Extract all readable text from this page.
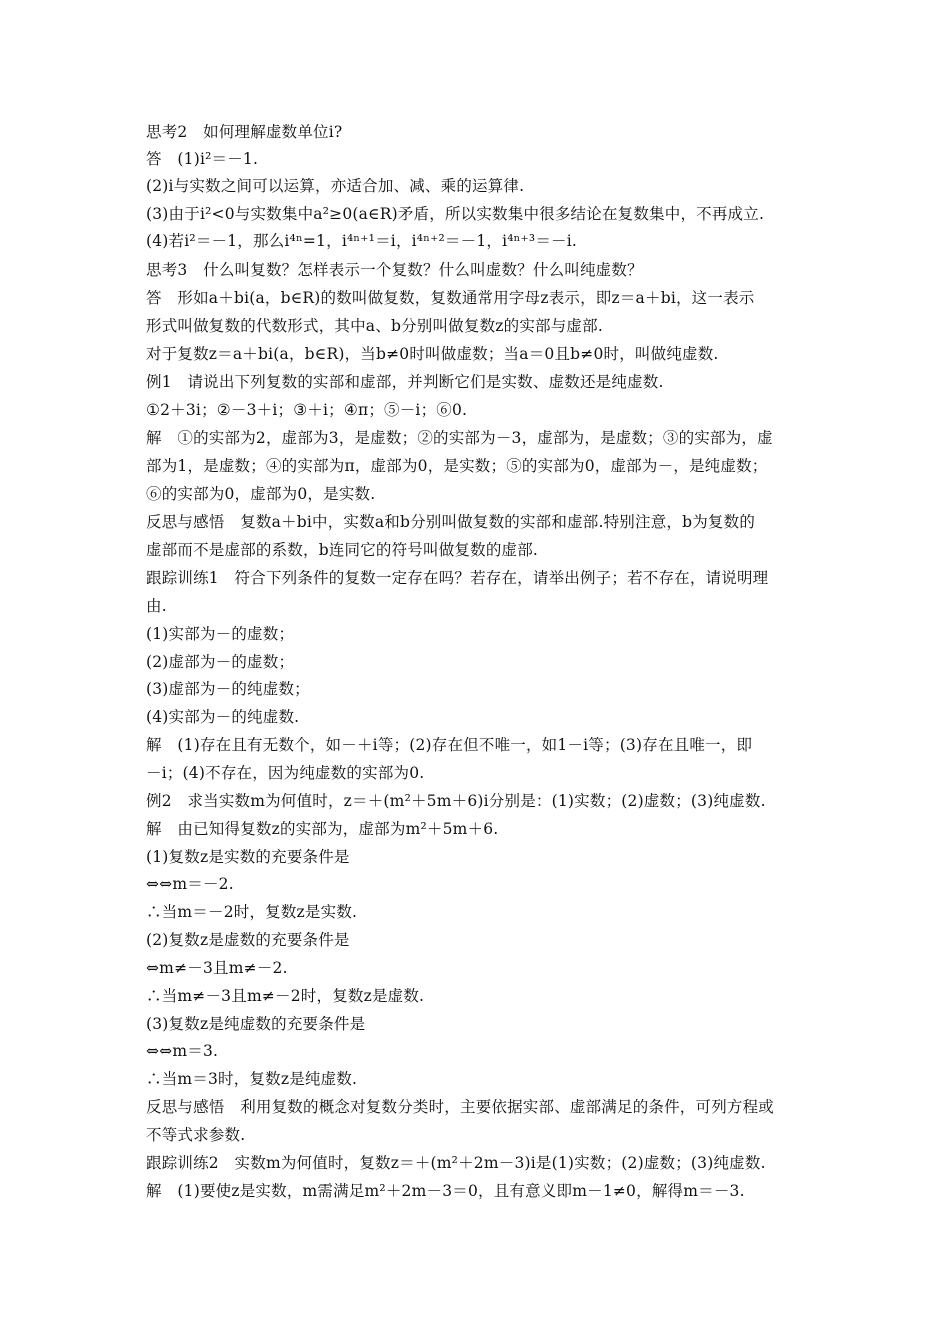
思考2　如何理解虚数单位i?
答　(1)i²＝－1.
(2)i与实数之间可以运算，亦适合加、减、乘的运算律.
(3)由于i²<0与实数集中a²≥0(a∈R)矛盾，所以实数集中很多结论在复数集中，不再成立.
(4)若i²＝－1，那么i⁴ⁿ=1，i⁴ⁿ⁺¹＝i，i⁴ⁿ⁺²＝－1，i⁴ⁿ⁺³＝－i.
思考3　什么叫复数？怎样表示一个复数？什么叫虚数？什么叫纯虚数？
答　形如a＋bi(a，b∈R)的数叫做复数，复数通常用字母z表示，即z＝a＋bi，这一表示
形式叫做复数的代数形式，其中a、b分别叫做复数z的实部与虚部.
对于复数z＝a＋bi(a，b∈R)，当b≠0时叫做虚数；当a＝0且b≠0时，叫做纯虚数.
例1　请说出下列复数的实部和虚部，并判断它们是实数、虚数还是纯虚数.
①2＋3i；②－3＋i；③＋i；④π；⑤－i；⑥0.
解　①的实部为2，虚部为3，是虚数；②的实部为－3，虚部为，是虚数；③的实部为，虚
部为1，是虚数；④的实部为π，虚部为0，是实数；⑤的实部为0，虚部为－，是纯虚数；
⑥的实部为0，虚部为0，是实数.
反思与感悟　复数a＋bi中，实数a和b分别叫做复数的实部和虚部.特别注意，b为复数的
虚部而不是虚部的系数，b连同它的符号叫做复数的虚部.
跟踪训练1　符合下列条件的复数一定存在吗？若存在，请举出例子；若不存在，请说明理
由.
(1)实部为－的虚数；
(2)虚部为－的虚数；
(3)虚部为－的纯虚数；
(4)实部为－的纯虚数.
解　(1)存在且有无数个，如－＋i等；(2)存在但不唯一，如1－i等；(3)存在且唯一，即
－i；(4)不存在，因为纯虚数的实部为0.
例2　求当实数m为何值时，z＝＋(m²＋5m＋6)i分别是：(1)实数；(2)虚数；(3)纯虚数.
解　由已知得复数z的实部为，虚部为m²＋5m＋6.
(1)复数z是实数的充要条件是
⇔⇔m＝－2.
∴当m＝－2时，复数z是实数.
(2)复数z是虚数的充要条件是
⇔m≠－3且m≠－2.
∴当m≠－3且m≠－2时，复数z是虚数.
(3)复数z是纯虚数的充要条件是
⇔⇔m＝3.
∴当m＝3时，复数z是纯虚数.
反思与感悟　利用复数的概念对复数分类时，主要依据实部、虚部满足的条件，可列方程或
不等式求参数.
跟踪训练2　实数m为何值时，复数z＝＋(m²＋2m－3)i是(1)实数；(2)虚数；(3)纯虚数.
解　(1)要使z是实数，m需满足m²＋2m－3＝0，且有意义即m－1≠0，解得m＝－3.
